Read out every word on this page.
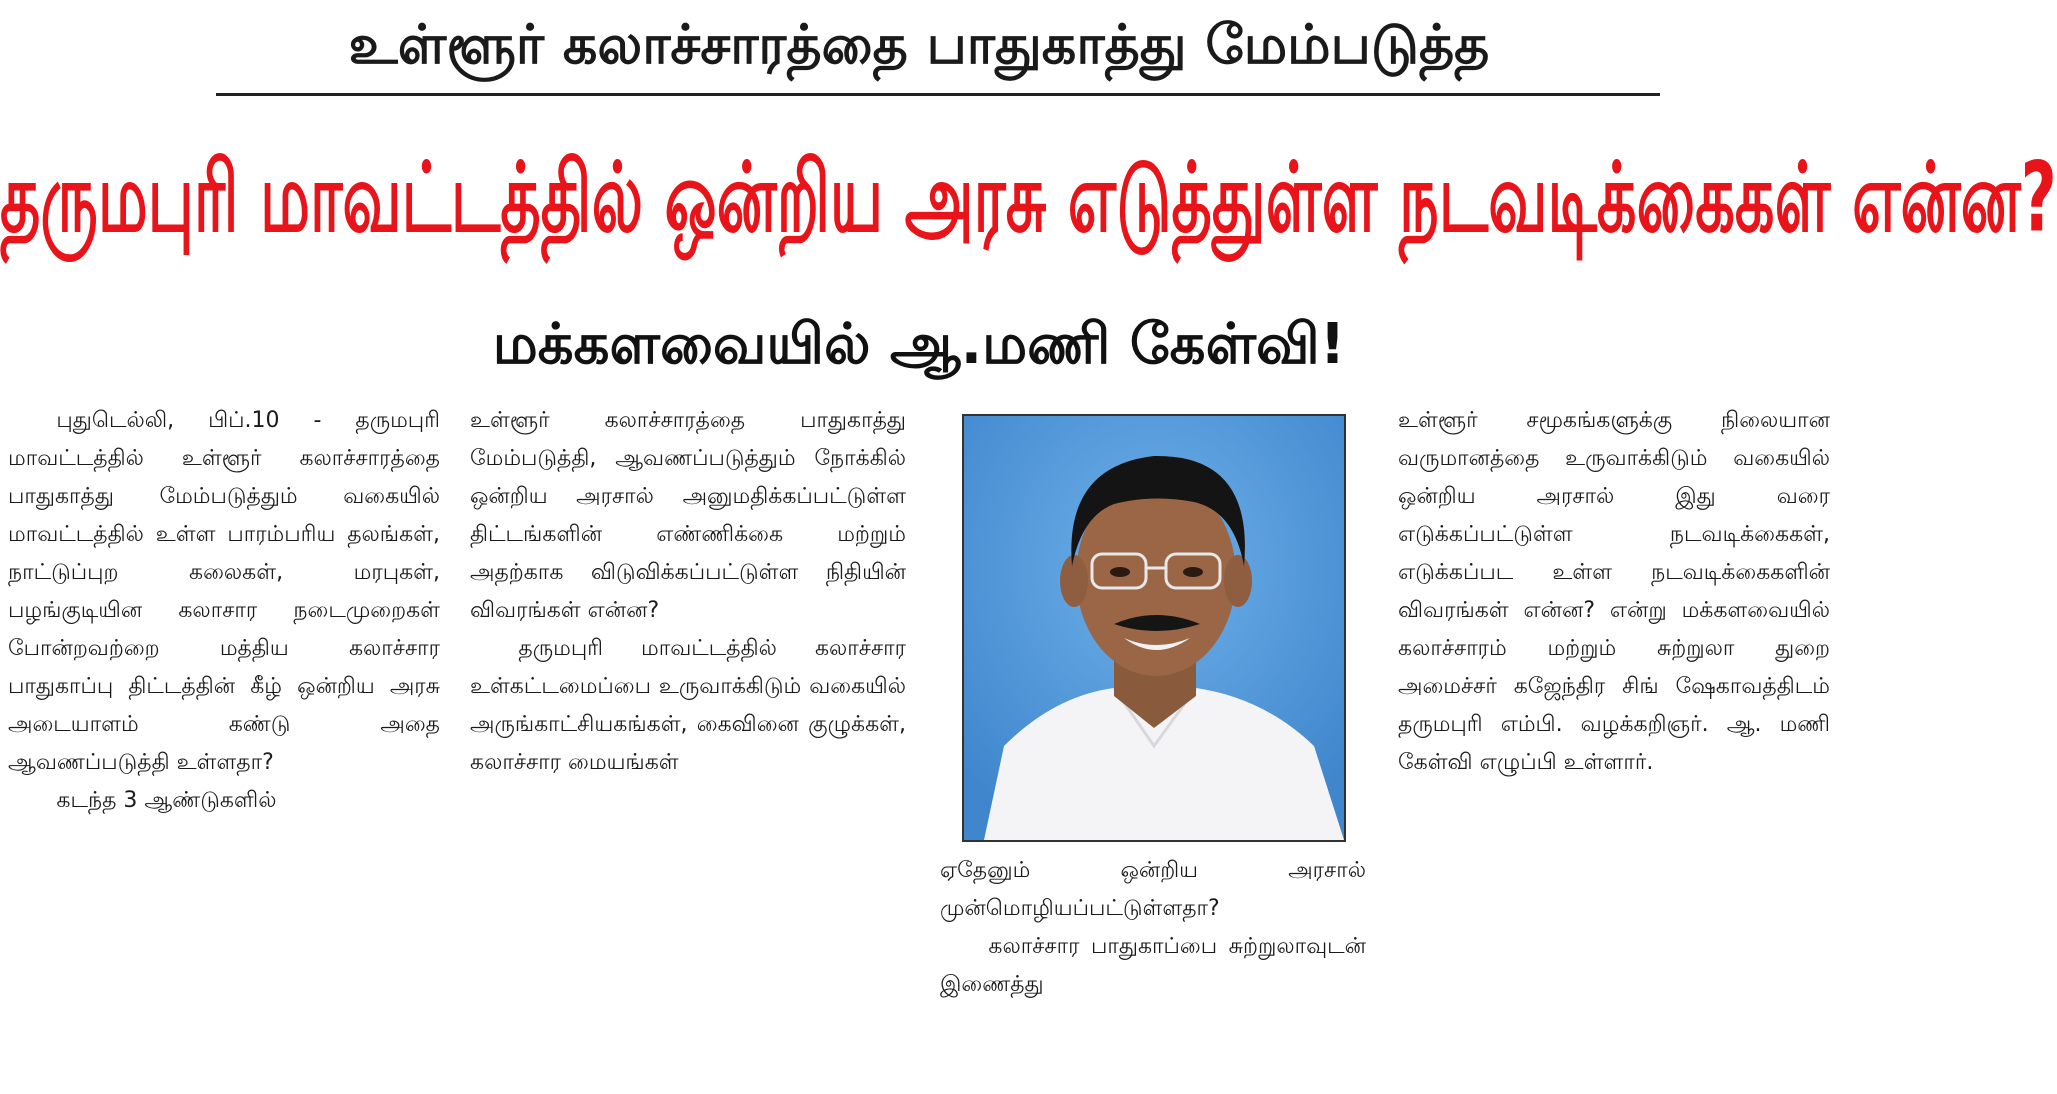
உள்ளூர் கலாச்சாரத்தை பாதுகாத்து மேம்படுத்த
தருமபுரி மாவட்டத்தில் ஒன்றிய அரசு எடுத்துள்ள நடவடிக்கைகள் என்ன?
மக்களவையில் ஆ.மணி கேள்வி!

புதுடெல்லி, பிப்.10 - தருமபுரி மாவட்டத்தில் உள்ளூர் கலாச்சாரத்தை பாதுகாத்து மேம்படுத்தும் வகையில் மாவட்டத்தில் உள்ள பாரம்பரிய தலங்கள், நாட்டுப்புற கலைகள், மரபுகள், பழங்குடியின கலாசார நடைமுறைகள் போன்றவற்றை மத்திய கலாச்சார பாதுகாப்பு திட்டத்தின் கீழ் ஒன்றிய அரசு அடையாளம் கண்டு அதை ஆவணப்படுத்தி உள்ளதா?

கடந்த 3 ஆண்டுகளில்

உள்ளூர் கலாச்சாரத்தை பாதுகாத்து மேம்படுத்தி, ஆவணப்படுத்தும் நோக்கில் ஒன்றிய அரசால் அனுமதிக்கப்பட்டுள்ள திட்டங்களின் எண்ணிக்கை மற்றும் அதற்காக விடுவிக்கப்பட்டுள்ள நிதியின் விவரங்கள் என்ன?

தருமபுரி மாவட்டத்தில் கலாச்சார உள்கட்டமைப்பை உருவாக்கிடும் வகையில் அருங்காட்சியகங்கள், கைவினை குழுக்கள், கலாச்சார மையங்கள்

ஏதேனும் ஒன்றிய அரசால் முன்மொழியப்பட்டுள்ளதா?

கலாச்சார பாதுகாப்பை சுற்றுலாவுடன் இணைத்து

உள்ளூர் சமூகங்களுக்கு நிலையான வருமானத்தை உருவாக்கிடும் வகையில் ஒன்றிய அரசால் இது வரை எடுக்கப்பட்டுள்ள நடவடிக்கைகள், எடுக்கப்பட உள்ள நடவடிக்கைகளின் விவரங்கள் என்ன? என்று மக்களவையில் கலாச்சாரம் மற்றும் சுற்றுலா துறை அமைச்சர் கஜேந்திர சிங் ஷேகாவத்திடம் தருமபுரி எம்பி. வழக்கறிஞர். ஆ. மணி கேள்வி எழுப்பி உள்ளார்.
